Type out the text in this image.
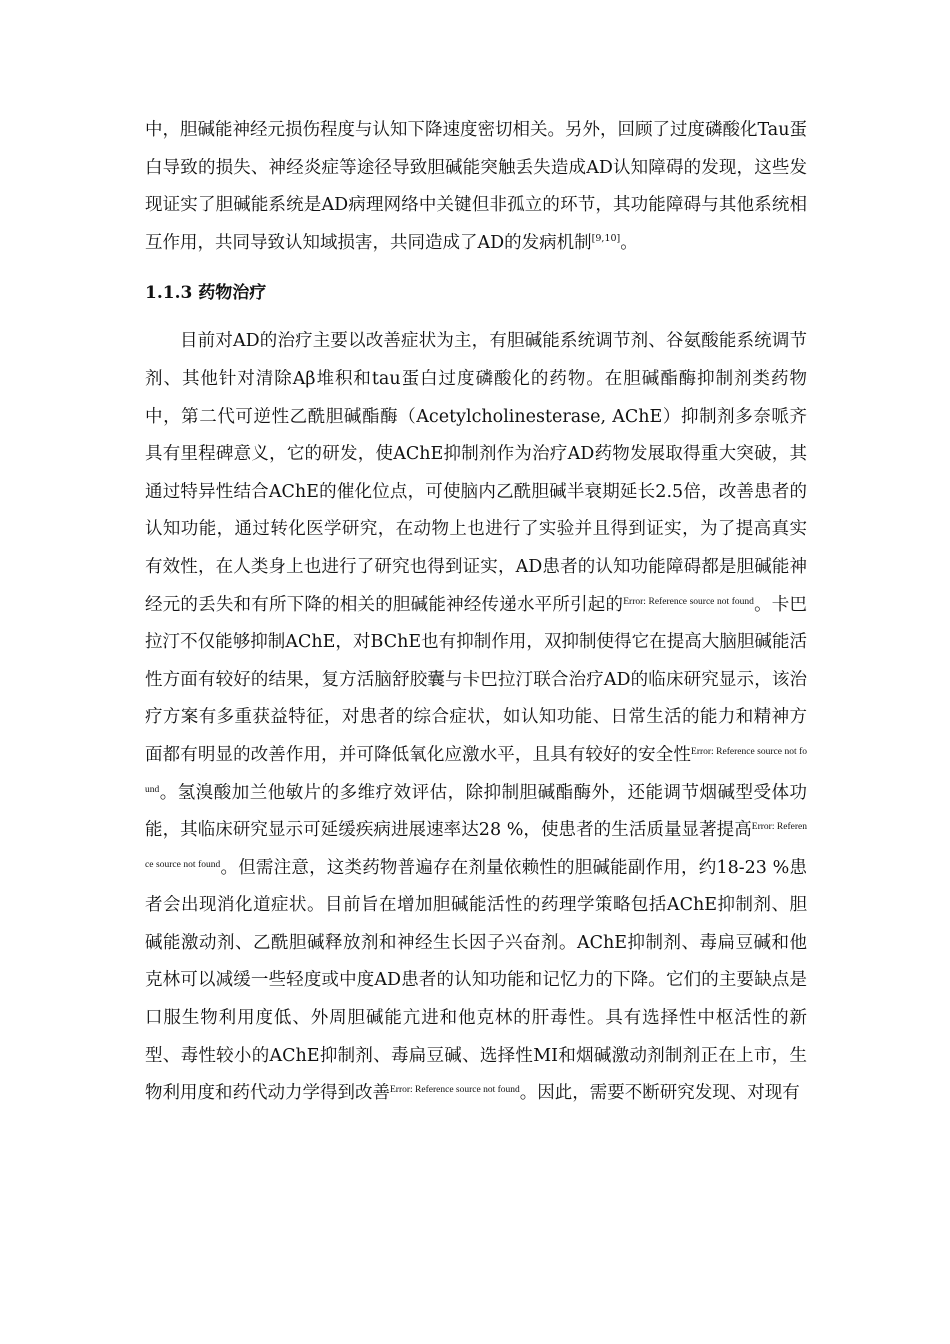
中，胆碱能神经元损伤程度与认知下降速度密切相关。另外，回顾了过度磷酸化Tau蛋白导致的损失、神经炎症等途径导致胆碱能突触丢失造成AD认知障碍的发现，这些发现证实了胆碱能系统是AD病理网络中关键但非孤立的环节，其功能障碍与其他系统相互作用，共同导致认知域损害，共同造成了AD的发病机制[9,10]。

1.1.3 药物治疗

目前对AD的治疗主要以改善症状为主，有胆碱能系统调节剂、谷氨酸能系统调节剂、其他针对清除Aβ堆积和tau蛋白过度磷酸化的药物。在胆碱酯酶抑制剂类药物中，第二代可逆性乙酰胆碱酯酶（Acetylcholinesterase, AChE）抑制剂多奈哌齐具有里程碑意义，它的研发，使AChE抑制剂作为治疗AD药物发展取得重大突破，其通过特异性结合AChE的催化位点，可使脑内乙酰胆碱半衰期延长2.5倍，改善患者的认知功能，通过转化医学研究，在动物上也进行了实验并且得到证实，为了提高真实有效性，在人类身上也进行了研究也得到证实，AD患者的认知功能障碍都是胆碱能神经元的丢失和有所下降的相关的胆碱能神经传递水平所引起的$^{Error: Reference source not found}$。卡巴拉汀不仅能够抑制AChE，对BChE也有抑制作用，双抑制使得它在提高大脑胆碱能活性方面有较好的结果，复方活脑舒胶囊与卡巴拉汀联合治疗AD的临床研究显示，该治疗方案有多重获益特征，对患者的综合症状，如认知功能、日常生活的能力和精神方面都有明显的改善作用，并可降低氧化应激水平，且具有较好的安全性$^{Error: Reference source not found}$。氢溴酸加兰他敏片的多维疗效评估，除抑制胆碱酯酶外，还能调节烟碱型受体功能，其临床研究显示可延缓疾病进展速率达28 %，使患者的生活质量显著提高$^{Error: Reference source not found}$。但需注意，这类药物普遍存在剂量依赖性的胆碱能副作用，约18-23 %患者会出现消化道症状。目前旨在增加胆碱能活性的药理学策略包括AChE抑制剂、胆碱能激动剂、乙酰胆碱释放剂和神经生长因子兴奋剂。AChE抑制剂、毒扁豆碱和他克林可以减缓一些轻度或中度AD患者的认知功能和记忆力的下降。它们的主要缺点是口服生物利用度低、外周胆碱能亢进和他克林的肝毒性。具有选择性中枢活性的新型、毒性较小的AChE抑制剂、毒扁豆碱、选择性MI和烟碱激动剂制剂正在上市，生物利用度和药代动力学得到改善$^{Error: Reference source not found}$。因此，需要不断研究发现、对现有
